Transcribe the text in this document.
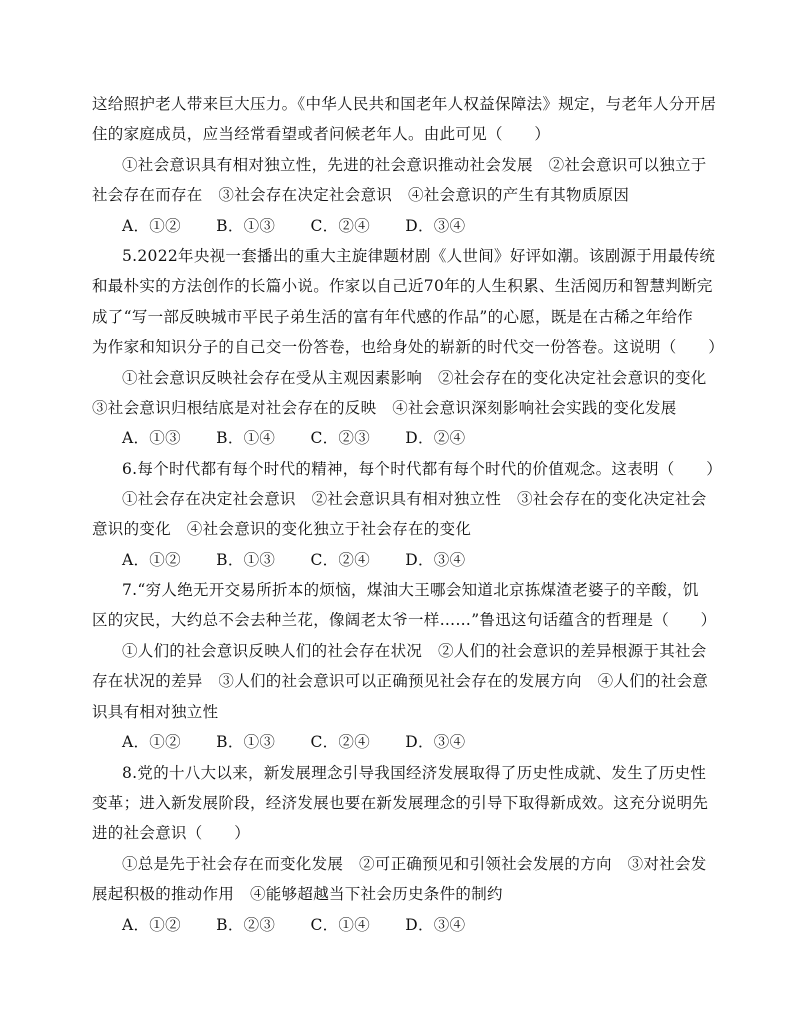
这给照护老人带来巨大压力。《中华人民共和国老年人权益保障法》规定，与老年人分开居
住的家庭成员，应当经常看望或者问候老年人。由此可见（　　）
①社会意识具有相对独立性，先进的社会意识推动社会发展　②社会意识可以独立于
社会存在而存在　③社会存在决定社会意识　④社会意识的产生有其物质原因
A．①② B．①③ C．②④ D．③④
5.2022年央视一套播出的重大主旋律题材剧《人世间》好评如潮。该剧源于用最传统
和最朴实的方法创作的长篇小说。作家以自己近70年的人生积累、生活阅历和智慧判断完
成了“写一部反映城市平民子弟生活的富有年代感的作品”的心愿，既是在古稀之年给作
为作家和知识分子的自己交一份答卷，也给身处的崭新的时代交一份答卷。这说明（　　）
①社会意识反映社会存在受从主观因素影响　②社会存在的变化决定社会意识的变化
③社会意识归根结底是对社会存在的反映　④社会意识深刻影响社会实践的变化发展
A．①③ B．①④ C．②③ D．②④
6.每个时代都有每个时代的精神，每个时代都有每个时代的价值观念。这表明（　　）
①社会存在决定社会意识　②社会意识具有相对独立性　③社会存在的变化决定社会
意识的变化　④社会意识的变化独立于社会存在的变化
A．①② B．①③ C．②④ D．③④
7.“穷人绝无开交易所折本的烦恼，煤油大王哪会知道北京拣煤渣老婆子的辛酸，饥
区的灾民，大约总不会去种兰花，像阔老太爷一样……”鲁迅这句话蕴含的哲理是（　　）
①人们的社会意识反映人们的社会存在状况　②人们的社会意识的差异根源于其社会
存在状况的差异　③人们的社会意识可以正确预见社会存在的发展方向　④人们的社会意
识具有相对独立性
A．①② B．①③ C．②④ D．③④
8.党的十八大以来，新发展理念引导我国经济发展取得了历史性成就、发生了历史性
变革；进入新发展阶段，经济发展也要在新发展理念的引导下取得新成效。这充分说明先
进的社会意识（　　）
①总是先于社会存在而变化发展　②可正确预见和引领社会发展的方向　③对社会发
展起积极的推动作用　④能够超越当下社会历史条件的制约
A．①② B．②③ C．①④ D．③④
